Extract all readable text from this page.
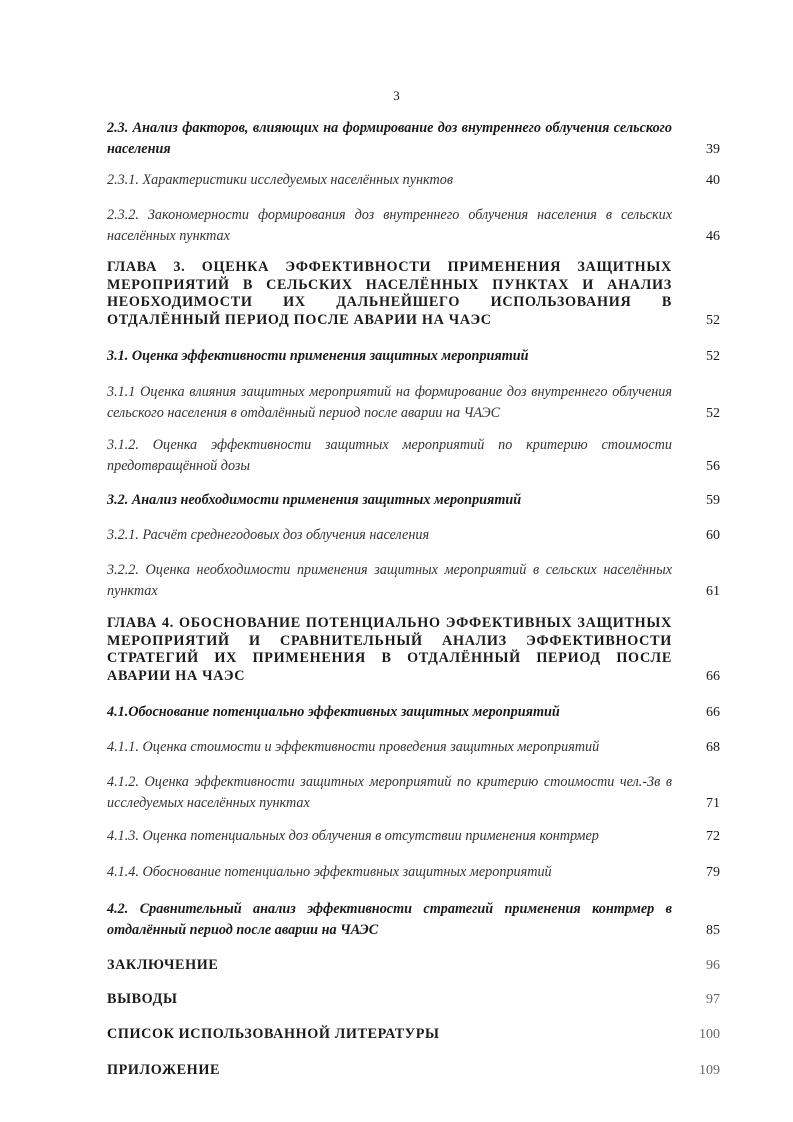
3
2.3. Анализ факторов, влияющих на формирование доз внутреннего облучения сельского населения	39
2.3.1. Характеристики исследуемых населённых пунктов	40
2.3.2. Закономерности формирования доз внутреннего облучения населения в сельских населённых пунктах	46
ГЛАВА 3. ОЦЕНКА ЭФФЕКТИВНОСТИ ПРИМЕНЕНИЯ ЗАЩИТНЫХ МЕРОПРИЯТИЙ В СЕЛЬСКИХ НАСЕЛЁННЫХ ПУНКТАХ И АНАЛИЗ НЕОБХОДИМОСТИ ИХ ДАЛЬНЕЙШЕГО ИСПОЛЬЗОВАНИЯ В ОТДАЛЁННЫЙ ПЕРИОД ПОСЛЕ АВАРИИ НА ЧАЭС	52
3.1. Оценка эффективности применения защитных мероприятий	52
3.1.1 Оценка влияния защитных мероприятий на формирование доз внутреннего облучения сельского населения в отдалённый период после аварии на ЧАЭС	52
3.1.2. Оценка эффективности защитных мероприятий по критерию стоимости предотвращённой дозы	56
3.2. Анализ необходимости применения защитных мероприятий	59
3.2.1. Расчёт среднегодовых доз облучения населения	60
3.2.2. Оценка необходимости применения защитных мероприятий в сельских населённых пунктах	61
ГЛАВА 4. ОБОСНОВАНИЕ ПОТЕНЦИАЛЬНО ЭФФЕКТИВНЫХ ЗАЩИТНЫХ МЕРОПРИЯТИЙ И СРАВНИТЕЛЬНЫЙ АНАЛИЗ ЭФФЕКТИВНОСТИ СТРАТЕГИЙ ИХ ПРИМЕНЕНИЯ В ОТДАЛЁННЫЙ ПЕРИОД ПОСЛЕ АВАРИИ НА ЧАЭС	66
4.1.Обоснование потенциально эффективных защитных мероприятий	66
4.1.1. Оценка стоимости и эффективности проведения защитных мероприятий	68
4.1.2. Оценка эффективности защитных мероприятий по критерию стоимости чел.-Зв в исследуемых населённых пунктах	71
4.1.3. Оценка потенциальных доз облучения в отсутствии применения контрмер	72
4.1.4. Обоснование потенциально эффективных защитных мероприятий	79
4.2. Сравнительный анализ эффективности стратегий применения контрмер в отдалённый период после аварии на ЧАЭС	85
ЗАКЛЮЧЕНИЕ	96
ВЫВОДЫ	97
СПИСОК ИСПОЛЬЗОВАННОЙ ЛИТЕРАТУРЫ	100
ПРИЛОЖЕНИЕ	109
